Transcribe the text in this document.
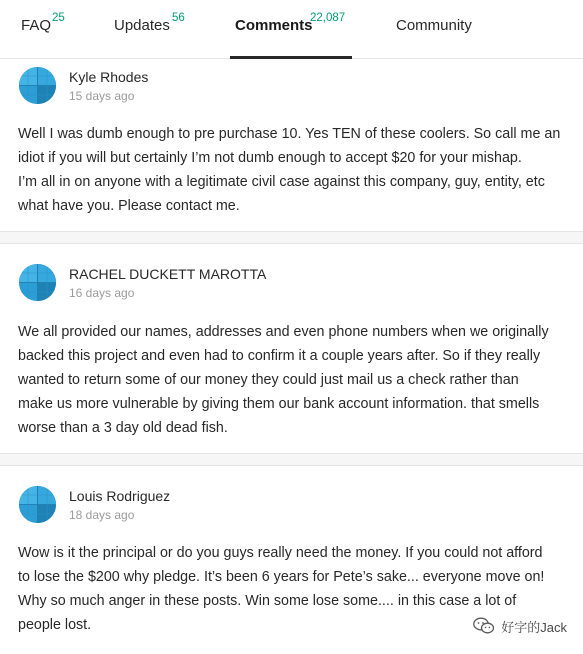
FAQ 25	Updates 56	Comments
22,087	Community
Kyle Rhodes
15 days ago

Well I was dumb enough to pre purchase 10. Yes TEN of these coolers. So call me an

idiot if you will but certainly I’m not dumb enough to accept $20 for your mishap.

I’m all in on anyone with a legitimate civil case against this company, guy, entity, etc

what have you. Please contact me.

RACHEL DUCKETT MAROTTA
16 days ago

We all provided our names, addresses and even phone numbers when we originally

backed this project and even had to confirm it a couple years after. So if they really

wanted to return some of our money they could just mail us a check rather than

make us more vulnerable by giving them our bank account information. that smells

worse than a 3 day old dead fish.

Louis Rodriguez
18 days ago

Wow is it the principal or do you guys really need the money. If you could not afford

to lose the $200 why pledge. It’s been 6 years for Pete’s sake... everyone move on!

Why so much anger in these posts. Win some lose some.... in this case a lot of

people lost.	好字的Jack
